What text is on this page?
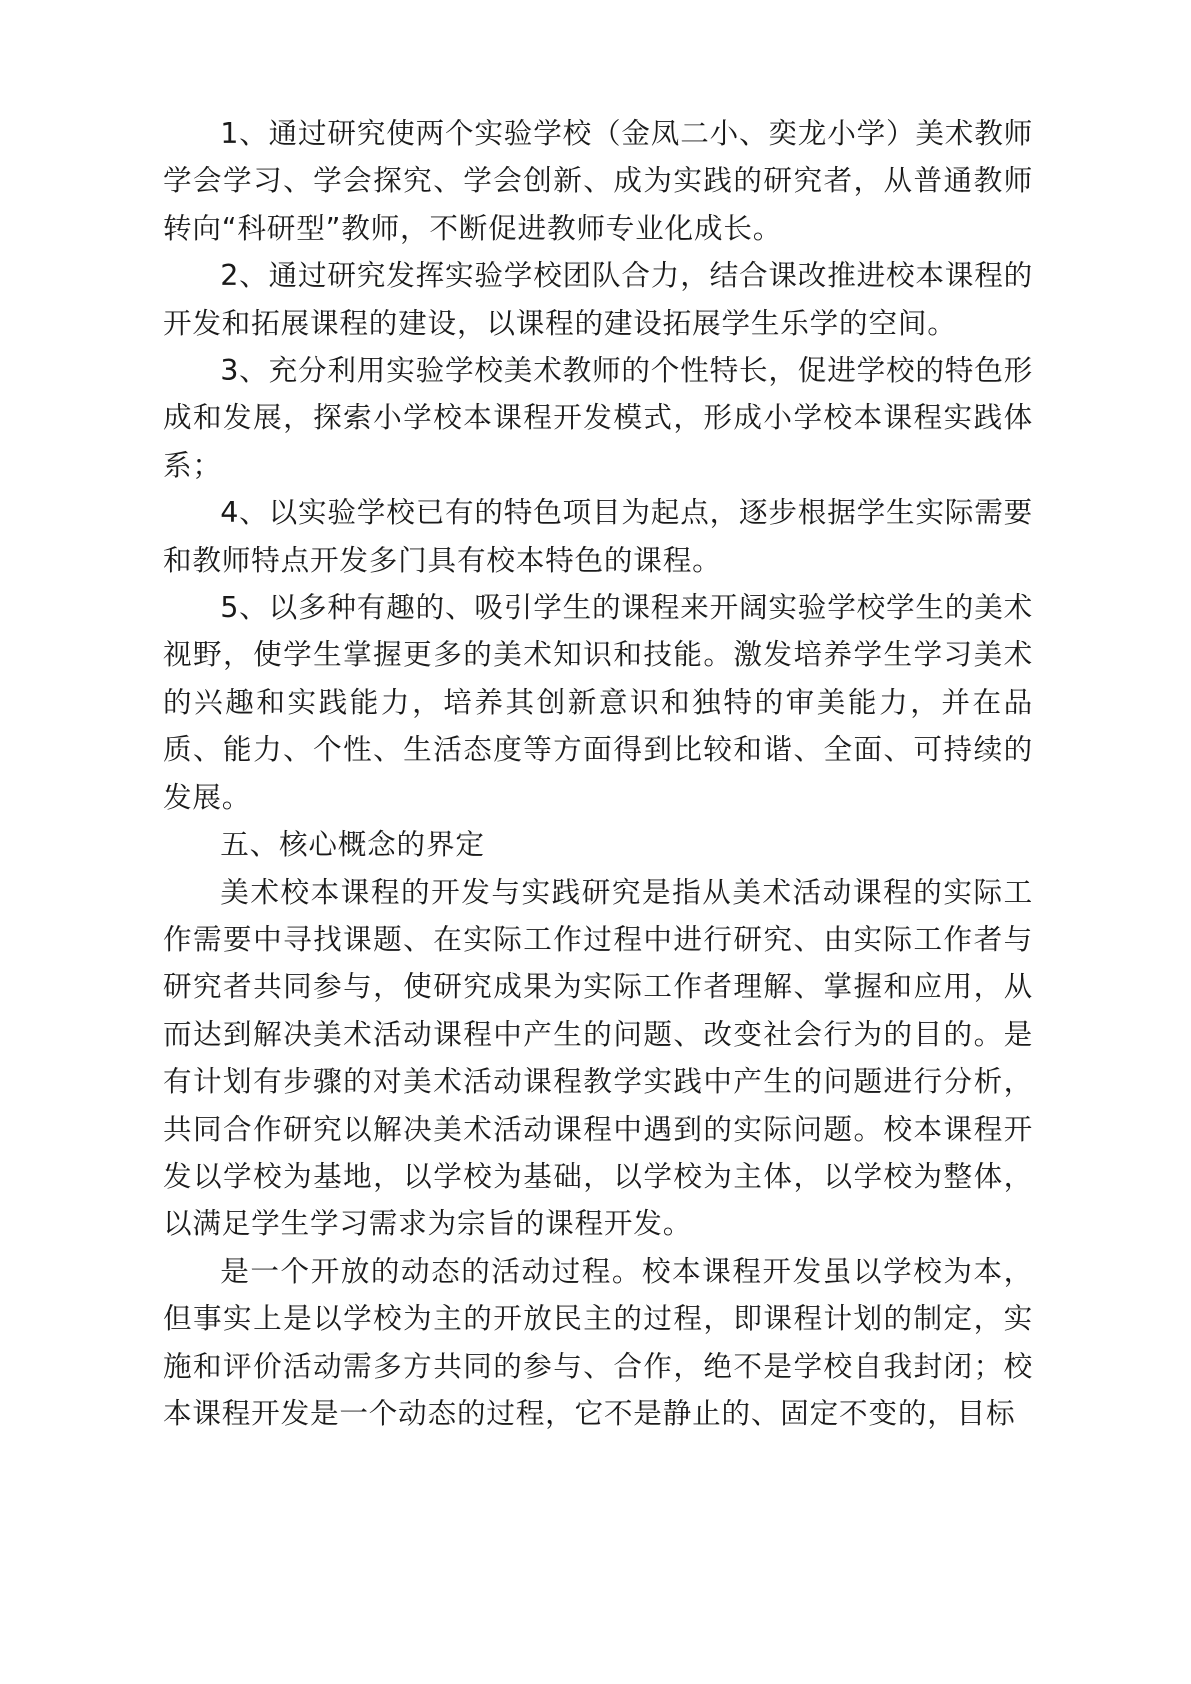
1、通过研究使两个实验学校（金凤二小、奕龙小学）美术教师学会学习、学会探究、学会创新、成为实践的研究者，从普通教师转向“科研型”教师，不断促进教师专业化成长。

2、通过研究发挥实验学校团队合力，结合课改推进校本课程的开发和拓展课程的建设，以课程的建设拓展学生乐学的空间。

3、充分利用实验学校美术教师的个性特长，促进学校的特色形成和发展，探索小学校本课程开发模式，形成小学校本课程实践体系；

4、以实验学校已有的特色项目为起点，逐步根据学生实际需要和教师特点开发多门具有校本特色的课程。

5、以多种有趣的、吸引学生的课程来开阔实验学校学生的美术视野，使学生掌握更多的美术知识和技能。激发培养学生学习美术的兴趣和实践能力，培养其创新意识和独特的审美能力，并在品质、能力、个性、生活态度等方面得到比较和谐、全面、可持续的发展。

五、核心概念的界定

美术校本课程的开发与实践研究是指从美术活动课程的实际工作需要中寻找课题、在实际工作过程中进行研究、由实际工作者与研究者共同参与，使研究成果为实际工作者理解、掌握和应用，从而达到解决美术活动课程中产生的问题、改变社会行为的目的。是有计划有步骤的对美术活动课程教学实践中产生的问题进行分析，共同合作研究以解决美术活动课程中遇到的实际问题。校本课程开发以学校为基地，以学校为基础，以学校为主体，以学校为整体，以满足学生学习需求为宗旨的课程开发。

是一个开放的动态的活动过程。校本课程开发虽以学校为本，但事实上是以学校为主的开放民主的过程，即课程计划的制定，实施和评价活动需多方共同的参与、合作，绝不是学校自我封闭；校本课程开发是一个动态的过程，它不是静止的、固定不变的，目标
